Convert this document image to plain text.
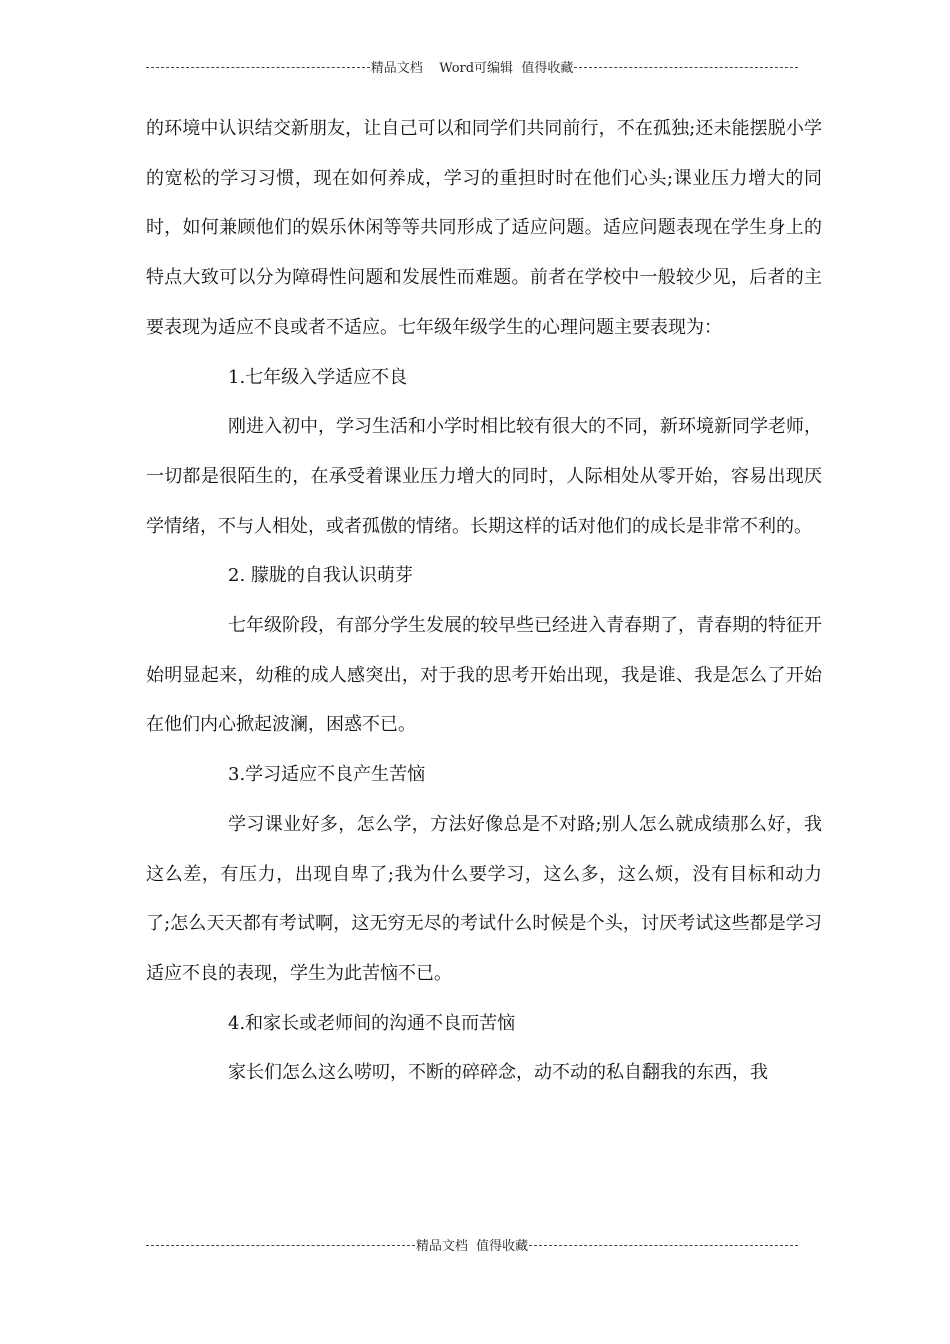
精品文档    Word可编辑  值得收藏

的环境中认识结交新朋友，让自己可以和同学们共同前行，不在孤独;还未能摆脱小学的宽松的学习习惯，现在如何养成，学习的重担时时在他们心头;课业压力增大的同时，如何兼顾他们的娱乐休闲等等共同形成了适应问题。适应问题表现在学生身上的特点大致可以分为障碍性问题和发展性而难题。前者在学校中一般较少见，后者的主要表现为适应不良或者不适应。七年级年级学生的心理问题主要表现为：

1.七年级入学适应不良

刚进入初中，学习生活和小学时相比较有很大的不同，新环境新同学老师，一切都是很陌生的，在承受着课业压力增大的同时，人际相处从零开始，容易出现厌学情绪，不与人相处，或者孤傲的情绪。长期这样的话对他们的成长是非常不利的。

2. 朦胧的自我认识萌芽

七年级阶段，有部分学生发展的较早些已经进入青春期了，青春期的特征开始明显起来，幼稚的成人感突出，对于我的思考开始出现，我是谁、我是怎么了开始在他们内心掀起波澜，困惑不已。

3.学习适应不良产生苦恼

学习课业好多，怎么学，方法好像总是不对路;别人怎么就成绩那么好，我这么差，有压力，出现自卑了;我为什么要学习，这么多，这么烦，没有目标和动力了;怎么天天都有考试啊，这无穷无尽的考试什么时候是个头，讨厌考试这些都是学习适应不良的表现，学生为此苦恼不已。

4.和家长或老师间的沟通不良而苦恼

家长们怎么这么唠叨，不断的碎碎念，动不动的私自翻我的东西，我

精品文档  值得收藏
